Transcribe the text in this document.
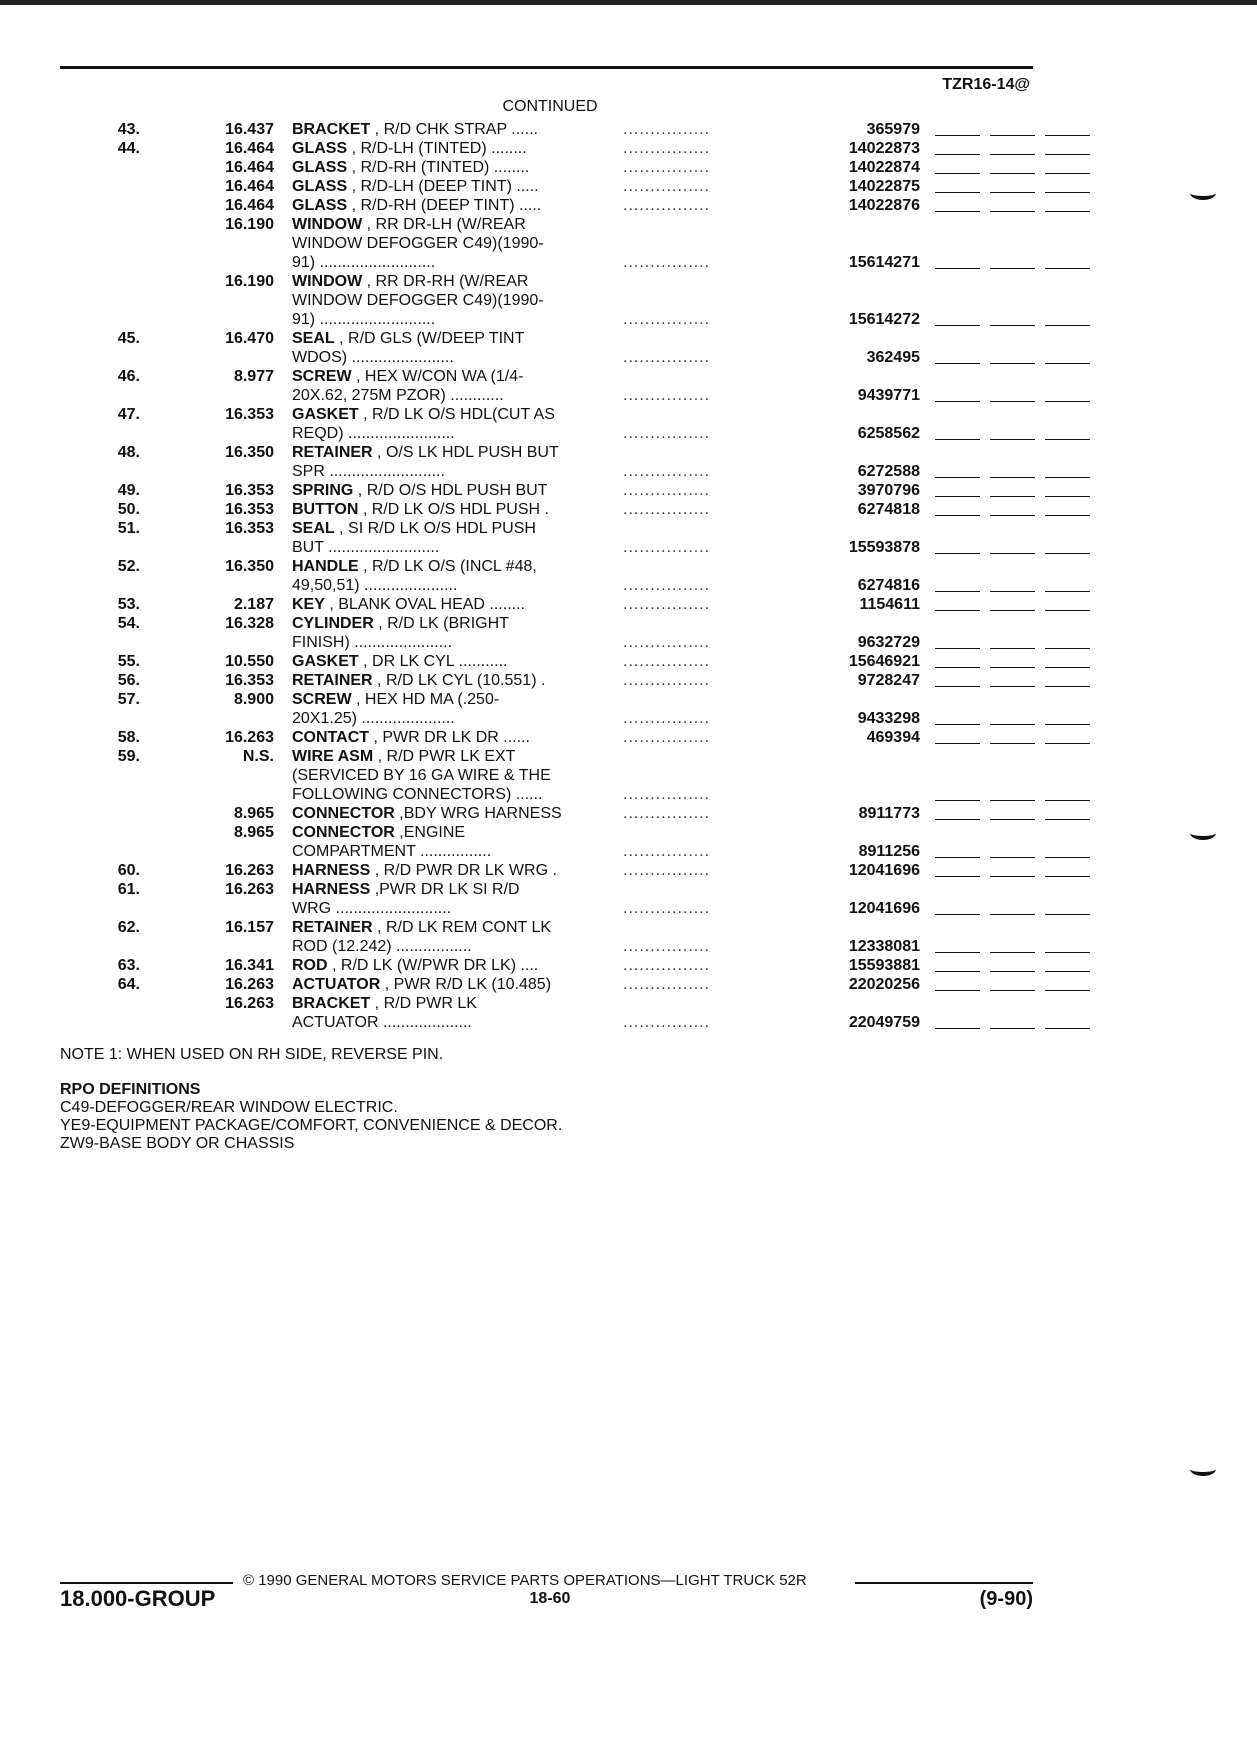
TZR16-14@
CONTINUED
43.	16.437 BRACKET , R/D CHK STRAP ......	................	365979
44.	16.464 GLASS , R/D-LH (TINTED) ........	................	14022873
16.464 GLASS , R/D-RH (TINTED) ........	................	14022874
16.464 GLASS , R/D-LH (DEEP TINT) .....	................	14022875
16.464 GLASS , R/D-RH (DEEP TINT) .....	................	14022876
16.190 WINDOW , RR DR-LH (W/REAR
WINDOW DEFOGGER C49)(1990-
91) ..........................	................	15614271
16.190 WINDOW , RR DR-RH (W/REAR
WINDOW DEFOGGER C49)(1990-
91) ..........................	................	15614272
45.	16.470 SEAL , R/D GLS (W/DEEP TINT
WDOS) .......................	................	362495
46.	8.977 SCREW , HEX W/CON WA (1/4-
20X.62, 275M PZOR) ............	................	9439771
47.	16.353 GASKET , R/D LK O/S HDL(CUT AS
REQD) ........................	................	6258562
48.	16.350 RETAINER , O/S LK HDL PUSH BUT
SPR ..........................	................	6272588
49.	16.353 SPRING , R/D O/S HDL PUSH BUT	................	3970796
50.	16.353 BUTTON , R/D LK O/S HDL PUSH .	................	6274818
51.	16.353 SEAL , SI R/D LK O/S HDL PUSH
BUT .........................	................	15593878
52.	16.350 HANDLE , R/D LK O/S (INCL #48,
49,50,51) .....................	................	6274816
53.	2.187 KEY , BLANK OVAL HEAD ........	................	1154611
54.	16.328 CYLINDER , R/D LK (BRIGHT
FINISH) ......................	................	9632729
55.	10.550 GASKET , DR LK CYL ...........	................	15646921
56.	16.353 RETAINER , R/D LK CYL (10.551) .	................	9728247
57.	8.900 SCREW , HEX HD MA (.250-
20X1.25) .....................	................	9433298
58.	16.263 CONTACT , PWR DR LK DR ......	................	469394
59.	N.S. WIRE ASM , R/D PWR LK EXT
(SERVICED BY 16 GA WIRE & THE
FOLLOWING CONNECTORS) ......	................
8.965 CONNECTOR ,BDY WRG HARNESS	................	8911773
8.965 CONNECTOR ,ENGINE
COMPARTMENT ................	................	8911256
60.	16.263 HARNESS , R/D PWR DR LK WRG .	................	12041696
61.	16.263 HARNESS ,PWR DR LK SI R/D
WRG ..........................	................	12041696
62.	16.157 RETAINER , R/D LK REM CONT LK
ROD (12.242) .................	................	12338081
63.	16.341 ROD , R/D LK (W/PWR DR LK) ....	................	15593881
64.	16.263 ACTUATOR , PWR R/D LK (10.485)	................	22020256
16.263 BRACKET , R/D PWR LK
ACTUATOR ....................	................	22049759
NOTE 1: WHEN USED ON RH SIDE, REVERSE PIN.
RPO DEFINITIONS
C49-DEFOGGER/REAR WINDOW ELECTRIC.
YE9-EQUIPMENT PACKAGE/COMFORT, CONVENIENCE & DECOR.
ZW9-BASE BODY OR CHASSIS
© 1990 GENERAL MOTORS SERVICE PARTS OPERATIONS—LIGHT TRUCK 52R
18.000-GROUP	18-60	(9-90)
